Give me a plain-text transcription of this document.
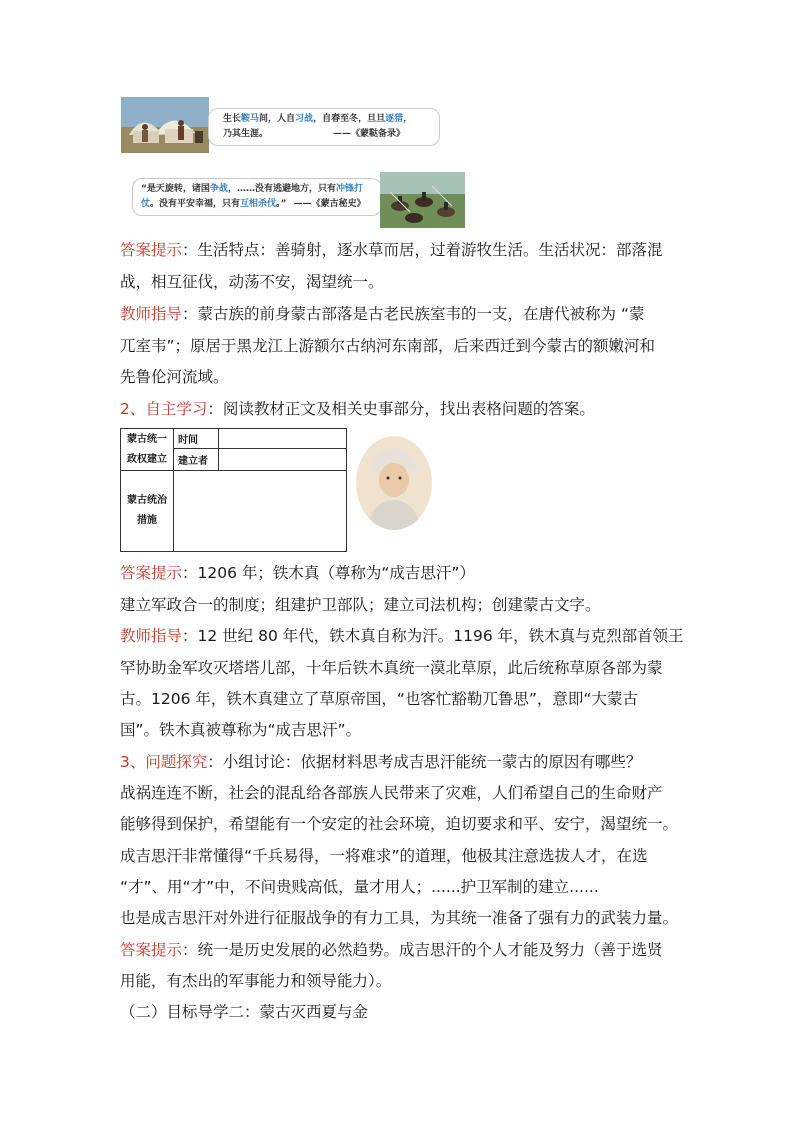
生长鞍马间，人自习战，自春至冬，旦旦逐猎，
乃其生涯。	——《蒙鞑备录》
“是天旋转，诸国争战，……没有逃避地方，只有冲锋打
仗。没有平安幸福，只有互相杀伐。” ——《蒙古秘史》
答案提示：生活特点：善骑射，逐水草而居，过着游牧生活。生活状况：部落混
战，相互征伐，动荡不安，渴望统一。
教师指导：蒙古族的前身蒙古部落是古老民族室韦的一支，在唐代被称为 “蒙
兀室韦”；原居于黑龙江上游额尔古纳河东南部，后来西迁到今蒙古的额嫩河和
先鲁伦河流域。
2、自主学习：阅读教材正文及相关史事部分，找出表格问题的答案。
蒙古统一政权建立	时间	
	建立者	
蒙古统治措施		
答案提示：1206 年；铁木真（尊称为“成吉思汗”）
建立军政合一的制度；组建护卫部队；建立司法机构；创建蒙古文字。
教师指导：12 世纪 80 年代，铁木真自称为汗。1196 年，铁木真与克烈部首领王
罕协助金军攻灭塔塔儿部，十年后铁木真统一漠北草原，此后统称草原各部为蒙
古。1206 年，铁木真建立了草原帝国，“也客忙豁勒兀鲁思”，意即“大蒙古
国”。铁木真被尊称为“成吉思汗”。
3、问题探究：小组讨论：依据材料思考成吉思汗能统一蒙古的原因有哪些？
战祸连连不断，社会的混乱给各部族人民带来了灾难，人们希望自己的生命财产
能够得到保护，希望能有一个安定的社会环境，迫切要求和平、安宁，渴望统一。
成吉思汗非常懂得“千兵易得，一将难求”的道理，他极其注意选拔人才，在选
“才”、用“才”中，不问贵贱高低，量才用人；......护卫军制的建立......
也是成吉思汗对外进行征服战争的有力工具，为其统一准备了强有力的武装力量。
答案提示：统一是历史发展的必然趋势。成吉思汗的个人才能及努力（善于选贤
用能，有杰出的军事能力和领导能力）。
（二）目标导学二：蒙古灭西夏与金
